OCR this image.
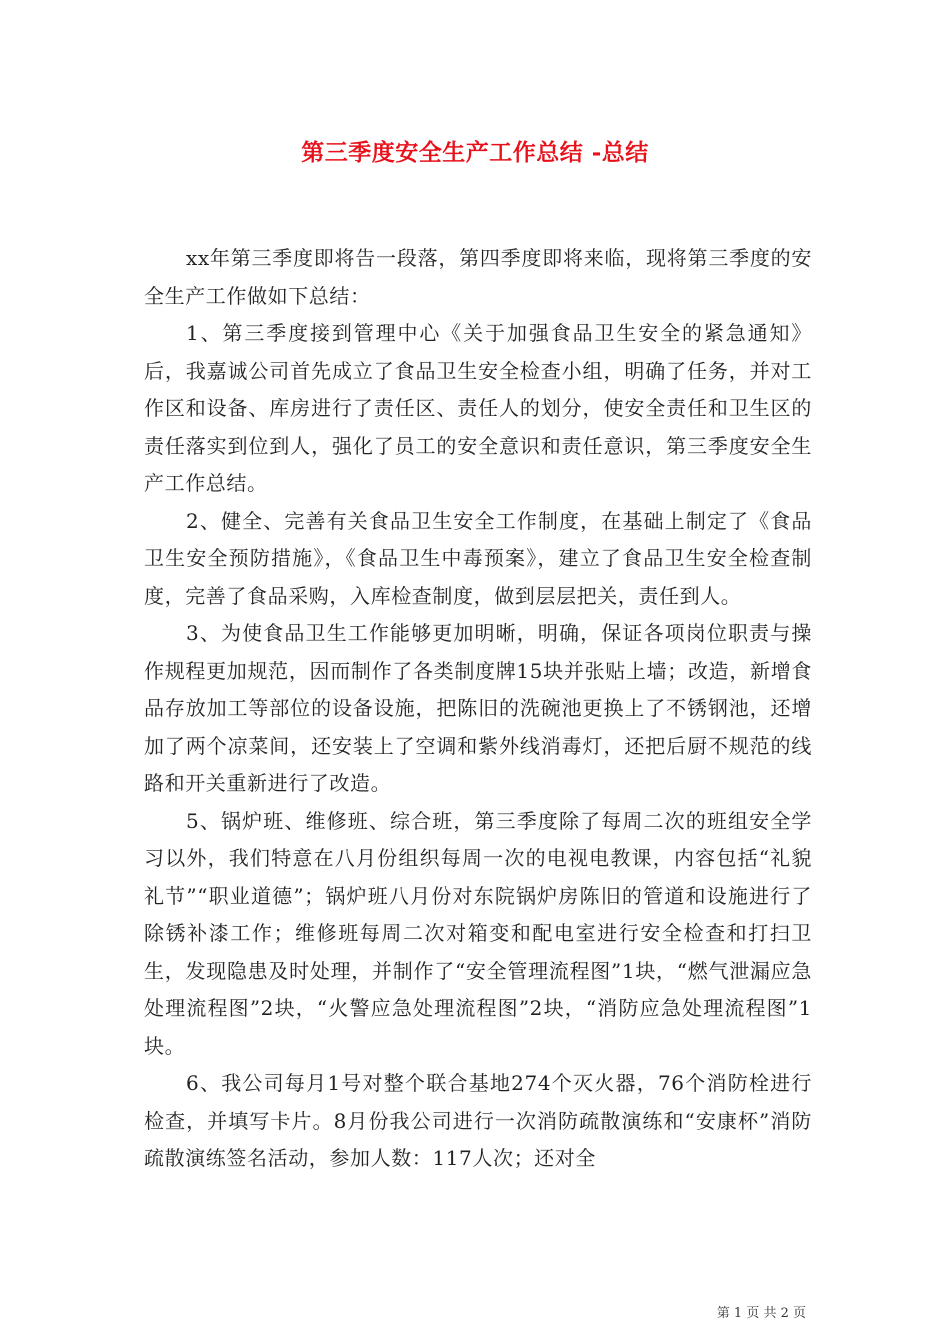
第三季度安全生产工作总结 -总结

xx年第三季度即将告一段落，第四季度即将来临，现将第三季度的安全生产工作做如下总结：

1、第三季度接到管理中心《关于加强食品卫生安全的紧急通知》后，我嘉诚公司首先成立了食品卫生安全检查小组，明确了任务，并对工作区和设备、库房进行了责任区、责任人的划分，使安全责任和卫生区的责任落实到位到人，强化了员工的安全意识和责任意识，第三季度安全生产工作总结。

2、健全、完善有关食品卫生安全工作制度，在基础上制定了《食品卫生安全预防措施》，《食品卫生中毒预案》，建立了食品卫生安全检查制度，完善了食品采购，入库检查制度，做到层层把关，责任到人。

3、为使食品卫生工作能够更加明晰，明确，保证各项岗位职责与操作规程更加规范，因而制作了各类制度牌15块并张贴上墙；改造，新增食品存放加工等部位的设备设施，把陈旧的洗碗池更换上了不锈钢池，还增加了两个凉菜间，还安装上了空调和紫外线消毒灯，还把后厨不规范的线路和开关重新进行了改造。

5、锅炉班、维修班、综合班，第三季度除了每周二次的班组安全学习以外，我们特意在八月份组织每周一次的电视电教课，内容包括“礼貌礼节”“职业道德”；锅炉班八月份对东院锅炉房陈旧的管道和设施进行了除锈补漆工作；维修班每周二次对箱变和配电室进行安全检查和打扫卫生，发现隐患及时处理，并制作了“安全管理流程图”1块，“燃气泄漏应急处理流程图”2块，“火警应急处理流程图”2块，“消防应急处理流程图”1块。

6、我公司每月1号对整个联合基地274个灭火器，76个消防栓进行检查，并填写卡片。8月份我公司进行一次消防疏散演练和“安康杯”消防疏散演练签名活动，参加人数：117人次；还对全

第 1 页 共 2 页
